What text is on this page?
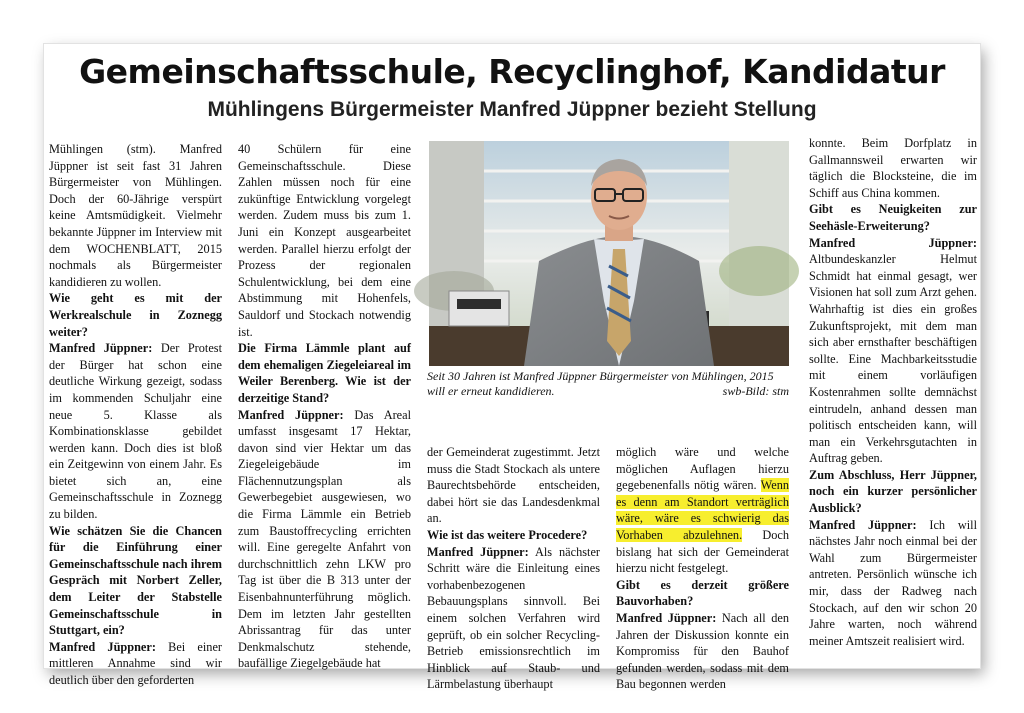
Gemeinschaftsschule, Recyclinghof, Kandidatur
Mühlingens Bürgermeister Manfred Jüppner bezieht Stellung

Mühlingen (stm). Manfred Jüppner ist seit fast 31 Jahren Bürgermeister von Mühlingen. Doch der 60-Jährige verspürt keine Amtsmüdigkeit. Vielmehr bekannte Jüppner im Interview mit dem WOCHENBLATT, 2015 nochmals als Bürgermeister kandidieren zu wollen.

Wie geht es mit der Werkrealschule in Zoznegg weiter?

Manfred Jüppner: Der Protest der Bürger hat schon eine deutliche Wirkung gezeigt, sodass im kommenden Schuljahr eine neue 5. Klasse als Kombinationsklasse gebildet werden kann. Doch dies ist bloß ein Zeitgewinn von einem Jahr. Es bietet sich an, eine Gemeinschaftsschule in Zoznegg zu bilden.

Wie schätzen Sie die Chancen für die Einführung einer Gemeinschaftsschule nach ihrem Gespräch mit Norbert Zeller, dem Leiter der Stabstelle Gemeinschaftsschule in Stuttgart, ein?

Manfred Jüppner: Bei einer mittleren Annahme sind wir deutlich über den geforderten

40 Schülern für eine Gemeinschaftsschule. Diese Zahlen müssen noch für eine zukünftige Entwicklung vorgelegt werden. Zudem muss bis zum 1. Juni ein Konzept ausgearbeitet werden. Parallel hierzu erfolgt der Prozess der regionalen Schulentwicklung, bei dem eine Abstimmung mit Hohenfels, Sauldorf und Stockach notwendig ist.

Die Firma Lämmle plant auf dem ehemaligen Ziegeleiareal im Weiler Berenberg. Wie ist der derzeitige Stand?

Manfred Jüppner: Das Areal umfasst insgesamt 17 Hektar, davon sind vier Hektar um das Ziegeleigebäude im Flächennutzungsplan als Gewerbegebiet ausgewiesen, wo die Firma Lämmle ein Betrieb zum Baustoffrecycling errichten will. Eine geregelte Anfahrt von durchschnittlich zehn LKW pro Tag ist über die B 313 unter der Eisenbahnunterführung möglich. Dem im letzten Jahr gestellten Abrissantrag für das unter Denkmalschutz stehende, baufällige Ziegelgebäude hat

Seit 30 Jahren ist Manfred Jüppner Bürgermeister von Mühlingen, 2015 will er erneut kandidieren.	swb-Bild: stm

der Gemeinderat zugestimmt. Jetzt muss die Stadt Stockach als untere Baurechtsbehörde entscheiden, dabei hört sie das Landesdenkmal an.

Wie ist das weitere Procedere?

Manfred Jüppner: Als nächster Schritt wäre die Einleitung eines vorhabenbezogenen Bebauungsplans sinnvoll. Bei einem solchen Verfahren wird geprüft, ob ein solcher Recycling-Betrieb emissionsrechtlich im Hinblick auf Staub- und Lärmbelastung überhaupt

möglich wäre und welche möglichen Auflagen hierzu gegebenenfalls nötig wären. Wenn es denn am Standort verträglich wäre, wäre es schwierig das Vorhaben abzulehnen. Doch bislang hat sich der Gemeinderat hierzu nicht festgelegt.

Gibt es derzeit größere Bauvorhaben?

Manfred Jüppner: Nach all den Jahren der Diskussion konnte ein Kompromiss für den Bauhof gefunden werden, sodass mit dem Bau begonnen werden

konnte. Beim Dorfplatz in Gallmannsweil erwarten wir täglich die Blocksteine, die im Schiff aus China kommen.

Gibt es Neuigkeiten zur Seehäsle-Erweiterung?

Manfred Jüppner: Altbundeskanzler Helmut Schmidt hat einmal gesagt, wer Visionen hat soll zum Arzt gehen. Wahrhaftig ist dies ein großes Zukunftsprojekt, mit dem man sich aber ernsthafter beschäftigen sollte. Eine Machbarkeitsstudie mit einem vorläufigen Kostenrahmen sollte demnächst eintrudeln, anhand dessen man politisch entscheiden kann, will man ein Verkehrsgutachten in Auftrag geben.

Zum Abschluss, Herr Jüppner, noch ein kurzer persönlicher Ausblick?

Manfred Jüppner: Ich will nächstes Jahr noch einmal bei der Wahl zum Bürgermeister antreten. Persönlich wünsche ich mir, dass der Radweg nach Stockach, auf den wir schon 20 Jahre warten, noch während meiner Amtszeit realisiert wird.
